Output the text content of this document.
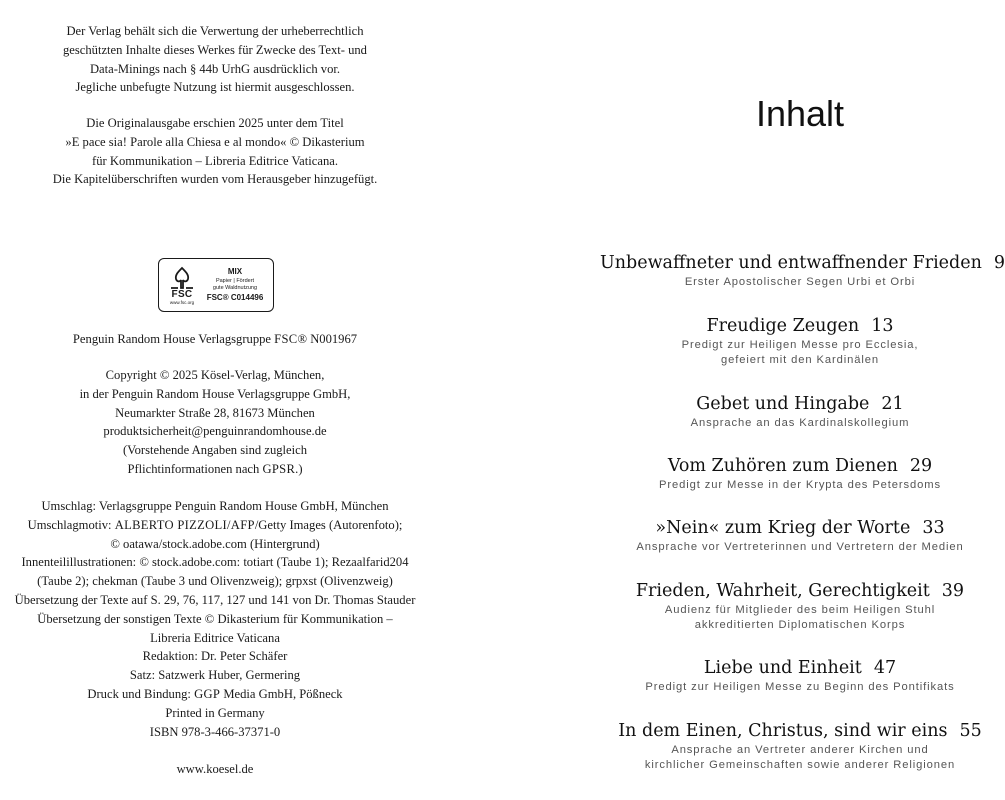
Der Verlag behält sich die Verwertung der urheberrechtlich

geschützten Inhalte dieses Werkes für Zwecke des Text- und

Data-Minings nach § 44b UrhG ausdrücklich vor.

Jegliche unbefugte Nutzung ist hiermit ausgeschlossen.

Die Originalausgabe erschien 2025 unter dem Titel

»E pace sia! Parole alla Chiesa e al mondo« © Dikasterium

für Kommunikation – Libreria Editrice Vaticana.

Die Kapitelüberschriften wurden vom Herausgeber hinzugefügt.

FSC
www.fsc.org
MIX
Papier | Fördert
gute Waldnutzung
FSC® C014496

Penguin Random House Verlagsgruppe FSC® N001967

Copyright © 2025 Kösel-Verlag, München,

in der Penguin Random House Verlagsgruppe GmbH,

Neumarkter Straße 28, 81673 München

produktsicherheit@penguinrandomhouse.de

(Vorstehende Angaben sind zugleich

Pflichtinformationen nach GPSR.)

Umschlag: Verlagsgruppe Penguin Random House GmbH, München

Umschlagmotiv: ALBERTO PIZZOLI/AFP/Getty Images (Autorenfoto);

© oatawa/stock.adobe.com (Hintergrund)

Innenteilillustrationen: © stock.adobe.com: totiart (Taube 1); Rezaalfarid204

(Taube 2); chekman (Taube 3 und Olivenzweig); grpxst (Olivenzweig)

Übersetzung der Texte auf S. 29, 76, 117, 127 und 141 von Dr. Thomas Stauder

Übersetzung der sonstigen Texte © Dikasterium für Kommunikation –

Libreria Editrice Vaticana

Redaktion: Dr. Peter Schäfer

Satz: Satzwerk Huber, Germering

Druck und Bindung: GGP Media GmbH, Pößneck

Printed in Germany

ISBN 978-3-466-37371-0

www.koesel.de

Inhalt
Unbewaffneter und entwaffnender Frieden 9
Erster Apostolischer Segen Urbi et Orbi
Freudige Zeugen 13
Predigt zur Heiligen Messe pro Ecclesia,
gefeiert mit den Kardinälen
Gebet und Hingabe 21
Ansprache an das Kardinalskollegium
Vom Zuhören zum Dienen 29
Predigt zur Messe in der Krypta des Petersdoms
»Nein« zum Krieg der Worte 33
Ansprache vor Vertreterinnen und Vertretern der Medien
Frieden, Wahrheit, Gerechtigkeit 39
Audienz für Mitglieder des beim Heiligen Stuhl
akkreditierten Diplomatischen Korps
Liebe und Einheit 47
Predigt zur Heiligen Messe zu Beginn des Pontifikats
In dem Einen, Christus, sind wir eins 55
Ansprache an Vertreter anderer Kirchen und
kirchlicher Gemeinschaften sowie anderer Religionen
